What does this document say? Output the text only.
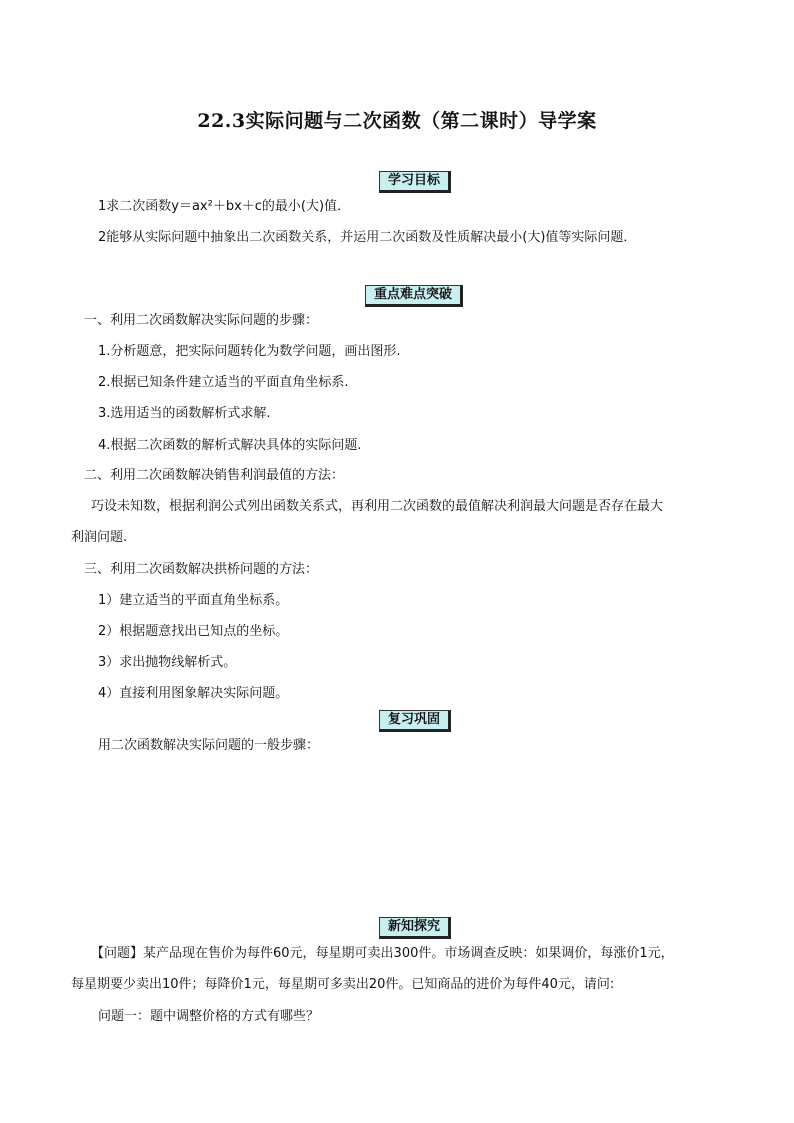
22.3实际问题与二次函数（第二课时）导学案
学习目标
1求二次函数y＝ax²＋bx＋c的最小(大)值．
2能够从实际问题中抽象出二次函数关系，并运用二次函数及性质解决最小(大)值等实际问题．
重点难点突破
一、利用二次函数解决实际问题的步骤：
1.分析题意，把实际问题转化为数学问题，画出图形.
2.根据已知条件建立适当的平面直角坐标系.
3.选用适当的函数解析式求解.
4.根据二次函数的解析式解决具体的实际问题.
二、利用二次函数解决销售利润最值的方法：
巧设未知数，根据利润公式列出函数关系式，再利用二次函数的最值解决利润最大问题是否存在最大
利润问题.
三、利用二次函数解决拱桥问题的方法：
1）建立适当的平面直角坐标系。
2）根据题意找出已知点的坐标。
3）求出抛物线解析式。
4）直接利用图象解决实际问题。
复习巩固
用二次函数解决实际问题的一般步骤：
新知探究
【问题】某产品现在售价为每件60元，每星期可卖出300件。市场调查反映：如果调价，每涨价1元，
每星期要少卖出10件；每降价1元，每星期可多卖出20件。已知商品的进价为每件40元，请问:
问题一：题中调整价格的方式有哪些？
